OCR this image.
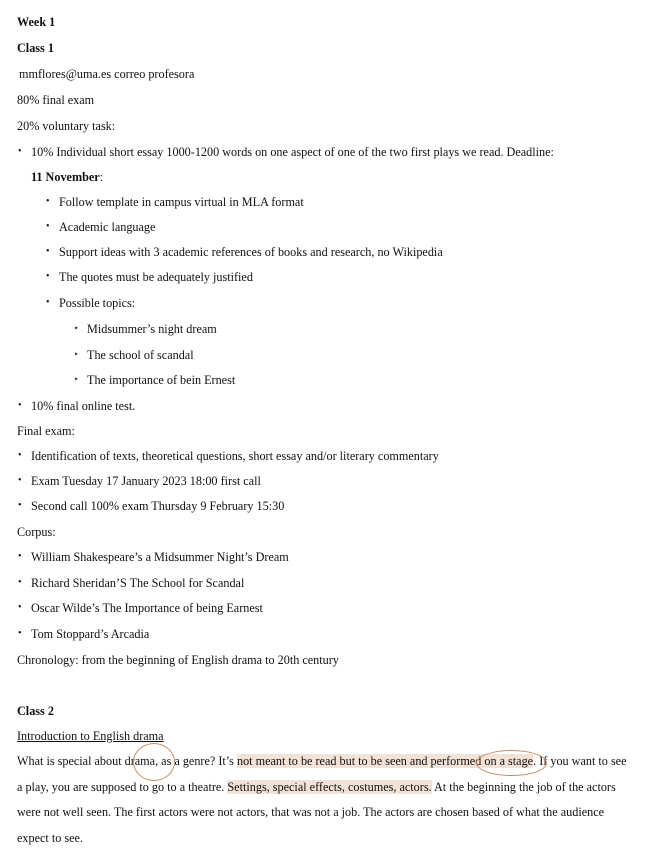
Week 1
Class 1
mmflores@uma.es correo profesora
80% final exam
20% voluntary task:
• 10% Individual short essay 1000-1200 words on one aspect of one of the two first plays we read. Deadline:
11 November:
• Follow template in campus virtual in MLA format
• Academic language
• Support ideas with 3 academic references of books and research, no Wikipedia
• The quotes must be adequately justified
• Possible topics:
‣ Midsummer’s night dream
‣ The school of scandal
‣ The importance of bein Ernest
• 10% final online test.
Final exam:
• Identification of texts, theoretical questions, short essay and/or literary commentary
• Exam Tuesday 17 January 2023 18:00 first call
• Second call 100% exam Thursday 9 February 15:30
Corpus:
• William Shakespeare’s a Midsummer Night’s Dream
• Richard Sheridan’S The School for Scandal
• Oscar Wilde’s The Importance of being Earnest
• Tom Stoppard’s Arcadia
Chronology: from the beginning of English drama to 20th century
Class 2
Introduction to English drama
What is special about drama, as a genre? It’s not meant to be read but to be seen and performed on a stage. If you want to see a play, you are supposed to go to a theatre. Settings, special effects, costumes, actors. At the beginning the job of the actors were not well seen. The first actors were not actors, that was not a job. The actors are chosen based of what the audience expect to see.
